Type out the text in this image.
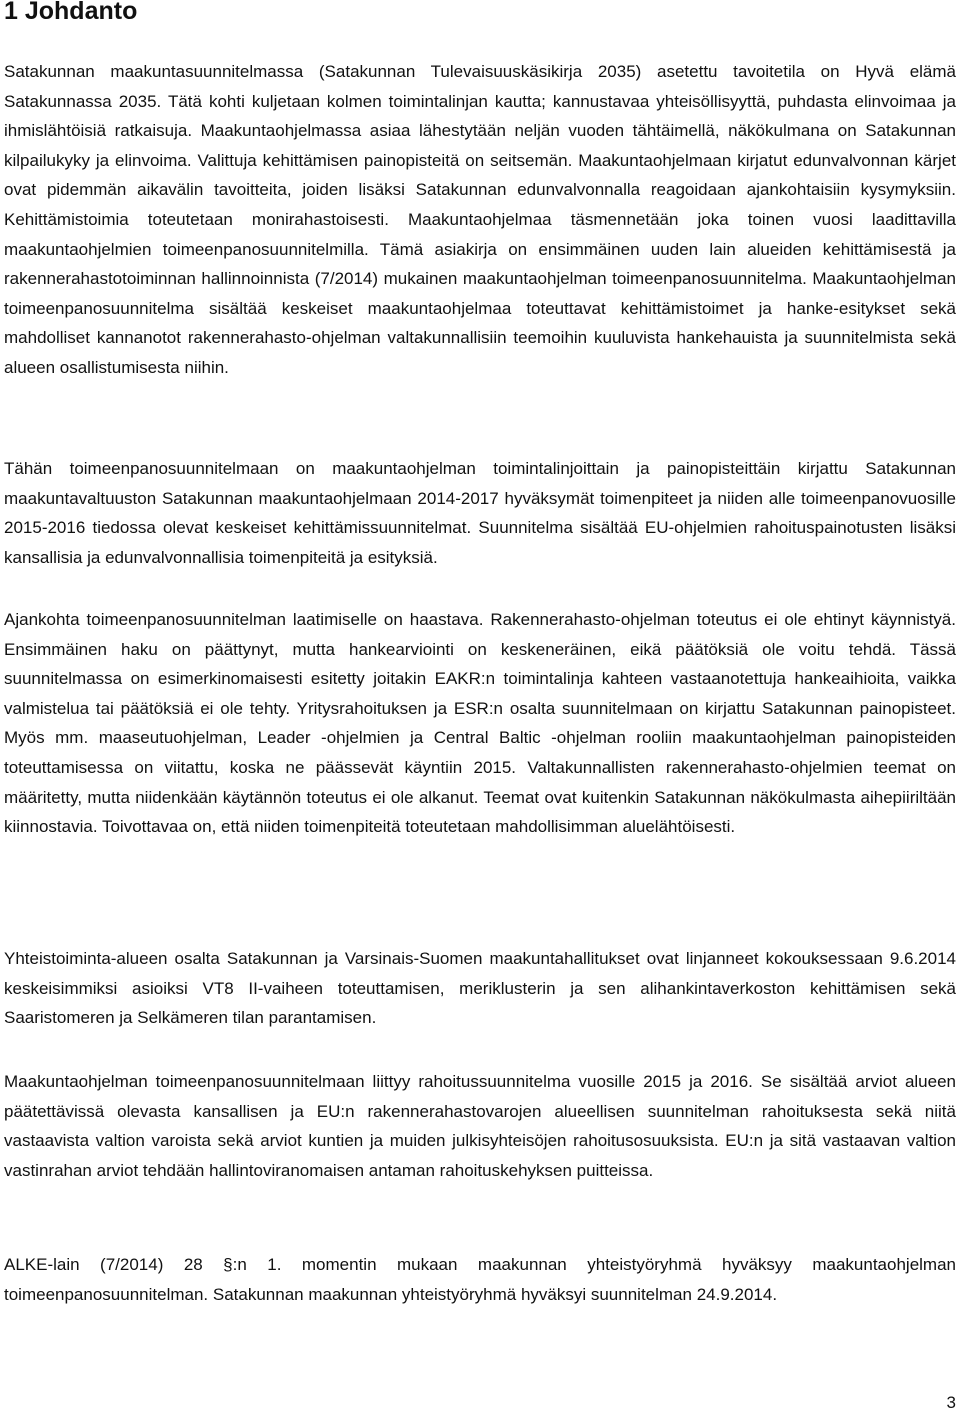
1 Johdanto

Satakunnan maakuntasuunnitelmassa (Satakunnan Tulevaisuuskäsikirja 2035) asetettu tavoitetila on Hyvä elämä Satakunnassa 2035. Tätä kohti kuljetaan kolmen toimintalinjan kautta; kannustavaa yhteisöllisyyttä, puhdasta elinvoimaa ja ihmislähtöisiä ratkaisuja. Maakuntaohjelmassa asiaa lähestytään neljän vuoden tähtäimellä, näkökulmana on Satakunnan kilpailukyky ja elinvoima. Valittuja kehittämisen painopisteitä on seitsemän. Maakuntaohjelmaan kirjatut edunvalvonnan kärjet ovat pidemmän aikavälin tavoitteita, joiden lisäksi Satakunnan edunvalvonnalla reagoidaan ajankohtaisiin kysymyksiin. Kehittämistoimia toteutetaan monirahastoisesti. Maakuntaohjelmaa täsmennetään joka toinen vuosi laadittavilla maakuntaohjelmien toimeenpanosuunnitelmilla. Tämä asiakirja on ensimmäinen uuden lain alueiden kehittämisestä ja rakennerahastotoiminnan hallinnoinnista (7/2014) mukainen maakuntaohjelman toimeenpanosuunnitelma. Maakuntaohjelman toimeenpanosuunnitelma sisältää keskeiset maakuntaohjelmaa toteuttavat kehittämistoimet ja hanke-esitykset sekä mahdolliset kannanotot rakennerahasto-ohjelman valtakunnallisiin teemoihin kuuluvista hankehauista ja suunnitelmista sekä alueen osallistumisesta niihin.

Tähän toimeenpanosuunnitelmaan on maakuntaohjelman toimintalinjoittain ja painopisteittäin kirjattu Satakunnan maakuntavaltuuston Satakunnan maakuntaohjelmaan 2014-2017 hyväksymät toimenpiteet ja niiden alle toimeenpanovuosille 2015-2016 tiedossa olevat keskeiset kehittämissuunnitelmat. Suunnitelma sisältää EU-ohjelmien rahoituspainotusten lisäksi kansallisia ja edunvalvonnallisia toimenpiteitä ja esityksiä.

Ajankohta toimeenpanosuunnitelman laatimiselle on haastava. Rakennerahasto-ohjelman toteutus ei ole ehtinyt käynnistyä. Ensimmäinen haku on päättynyt, mutta hankearviointi on keskeneräinen, eikä päätöksiä ole voitu tehdä. Tässä suunnitelmassa on esimerkinomaisesti esitetty joitakin EAKR:n toimintalinja kahteen vastaanotettuja hankeaihioita, vaikka valmistelua tai päätöksiä ei ole tehty. Yritysrahoituksen ja ESR:n osalta suunnitelmaan on kirjattu Satakunnan painopisteet. Myös mm. maaseutuohjelman, Leader -ohjelmien ja Central Baltic -ohjelman rooliin maakuntaohjelman painopisteiden toteuttamisessa on viitattu, koska ne päässevät käyntiin 2015. Valtakunnallisten rakennerahasto-ohjelmien teemat on määritetty, mutta niidenkään käytännön toteutus ei ole alkanut. Teemat ovat kuitenkin Satakunnan näkökulmasta aihepiiriltään kiinnostavia. Toivottavaa on, että niiden toimenpiteitä toteutetaan mahdollisimman aluelähtöisesti.

Yhteistoiminta-alueen osalta Satakunnan ja Varsinais-Suomen maakuntahallitukset ovat linjanneet kokouksessaan 9.6.2014 keskeisimmiksi asioiksi VT8 II-vaiheen toteuttamisen, meriklusterin ja sen alihankintaverkoston kehittämisen sekä Saaristomeren ja Selkämeren tilan parantamisen.

Maakuntaohjelman toimeenpanosuunnitelmaan liittyy rahoitussuunnitelma vuosille 2015 ja 2016. Se sisältää arviot alueen päätettävissä olevasta kansallisen ja EU:n rakennerahastovarojen alueellisen suunnitelman rahoituksesta sekä niitä vastaavista valtion varoista sekä arviot kuntien ja muiden julkisyhteisöjen rahoitusosuuksista. EU:n ja sitä vastaavan valtion vastinrahan arviot tehdään hallintoviranomaisen antaman rahoituskehyksen puitteissa.

ALKE-lain (7/2014) 28 §:n 1. momentin mukaan maakunnan yhteistyöryhmä hyväksyy maakuntaohjelman toimeenpanosuunnitelman. Satakunnan maakunnan yhteistyöryhmä hyväksyi suunnitelman 24.9.2014.

3
